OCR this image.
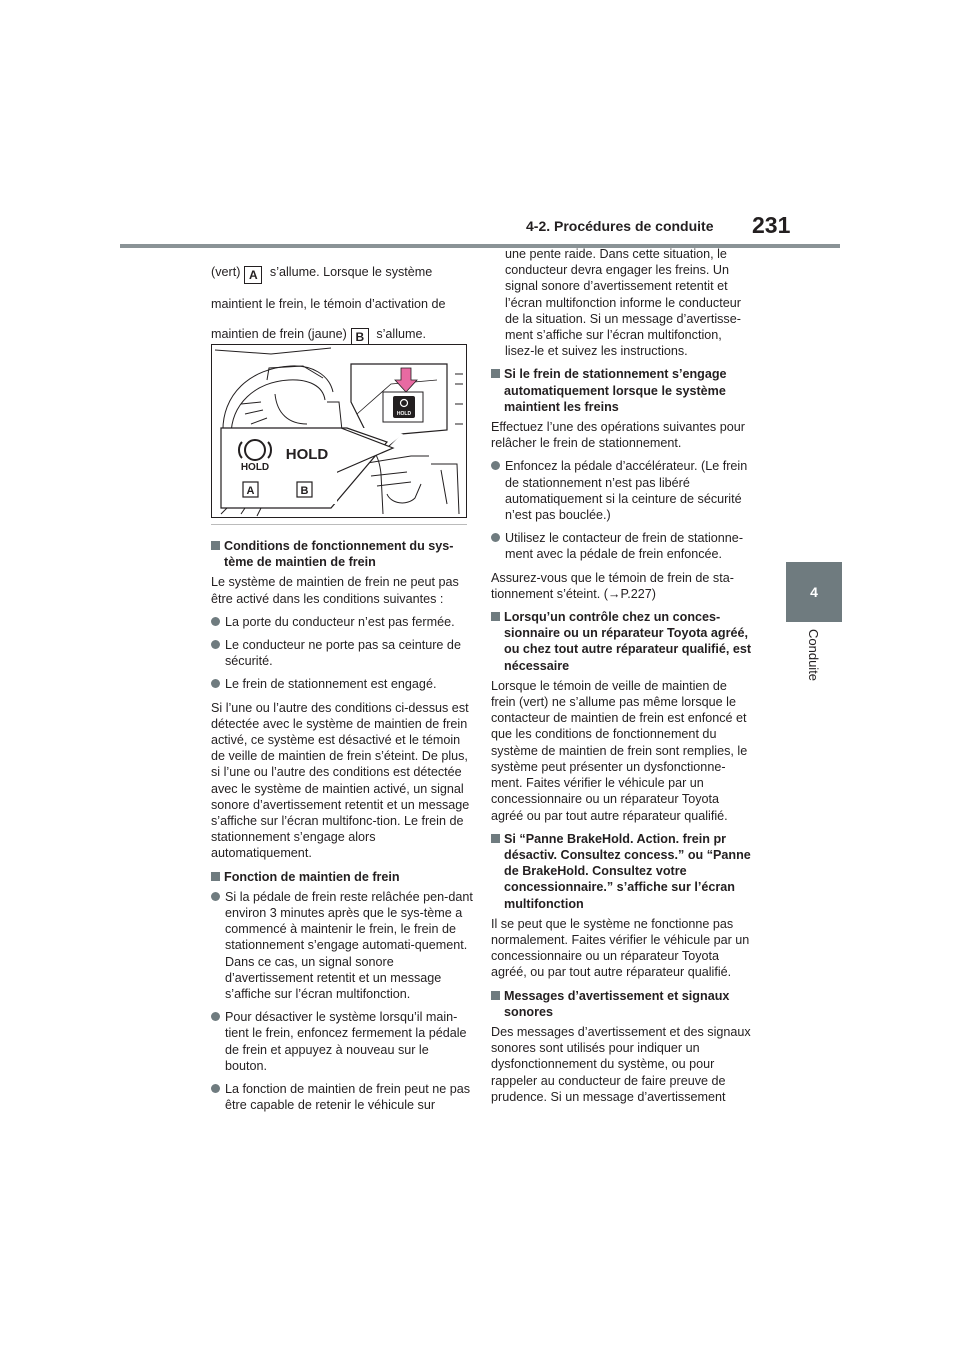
4-2. Procédures de conduite 231
4
Conduite

(vert) A s’allume. Lorsque le système

maintient le frein, le témoin d’activation de

maintien de frein (jaune) B s’allume.

HOLD
HOLD
HOLD
A	B

Conditions de fonctionnement du sys-tème de maintien de frein

Le système de maintien de frein ne peut pas être activé dans les conditions suivantes :

La porte du conducteur n’est pas fermée.

Le conducteur ne porte pas sa ceinture de sécurité.

Le frein de stationnement est engagé.

Si l’une ou l’autre des conditions ci-dessus est détectée avec le système de maintien de frein activé, ce système est désactivé et le témoin de veille de maintien de frein s’éteint. De plus, si l’une ou l’autre des conditions est détectée avec le système de maintien activé, un signal sonore d’avertissement retentit et un message s’affiche sur l’écran multifonc-tion. Le frein de stationnement s’engage alors automatiquement.

Fonction de maintien de frein

Si la pédale de frein reste relâchée pen-dant environ 3 minutes après que le sys-tème a commencé à maintenir le frein, le frein de stationnement s’engage automati-quement. Dans ce cas, un signal sonore d’avertissement retentit et un message s’affiche sur l’écran multifonction.

Pour désactiver le système lorsqu’il main-tient le frein, enfoncez fermement la pédale de frein et appuyez à nouveau sur le bouton.

La fonction de maintien de frein peut ne pas être capable de retenir le véhicule sur

une pente raide. Dans cette situation, le conducteur devra engager les freins. Un signal sonore d’avertissement retentit et l’écran multifonction informe le conducteur de la situation. Si un message d’avertisse-ment s’affiche sur l’écran multifonction, lisez-le et suivez les instructions.

Si le frein de stationnement s’engage automatiquement lorsque le système maintient les freins

Effectuez l’une des opérations suivantes pour relâcher le frein de stationnement.

Enfoncez la pédale d’accélérateur. (Le frein de stationnement n’est pas libéré automatiquement si la ceinture de sécurité n’est pas bouclée.)

Utilisez le contacteur de frein de stationne-ment avec la pédale de frein enfoncée.

Assurez-vous que le témoin de frein de sta-tionnement s’éteint. (→P.227)

Lorsqu’un contrôle chez un conces-sionnaire ou un réparateur Toyota agréé, ou chez tout autre réparateur qualifié, est nécessaire

Lorsque le témoin de veille de maintien de frein (vert) ne s’allume pas même lorsque le contacteur de maintien de frein est enfoncé et que les conditions de fonctionnement du système de maintien de frein sont remplies, le système peut présenter un dysfonctionne-ment. Faites vérifier le véhicule par un concessionnaire ou un réparateur Toyota agréé ou par tout autre réparateur qualifié.

Si “Panne BrakeHold. Action. frein pr désactiv. Consultez concess.” ou “Panne de BrakeHold. Consultez votre concessionnaire.” s’affiche sur l’écran multifonction

Il se peut que le système ne fonctionne pas normalement. Faites vérifier le véhicule par un concessionnaire ou un réparateur Toyota agréé, ou par tout autre réparateur qualifié.

Messages d’avertissement et signaux sonores

Des messages d’avertissement et des signaux sonores sont utilisés pour indiquer un dysfonctionnement du système, ou pour rappeler au conducteur de faire preuve de prudence. Si un message d’avertissement
